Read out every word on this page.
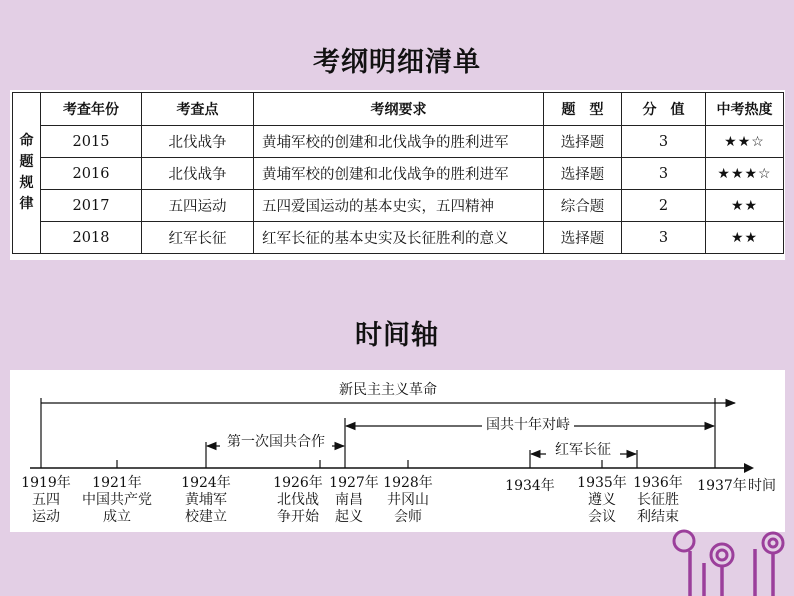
考纲明细清单
命
题
规
律	考查年份	考查点	考纲要求	题　型	分　值	中考热度
	2015	北伐战争	黄埔军校的创建和北伐战争的胜利进军	选择题	3	★★☆
	2016	北伐战争	黄埔军校的创建和北伐战争的胜利进军	选择题	3	★★★☆
	2017	五四运动	五四爱国运动的基本史实，五四精神	综合题	2	★★
	2018	红军长征	红军长征的基本史实及长征胜利的意义	选择题	3	★★
时间轴
新民主主义革命
国共十年对峙
第一次国共合作	红军长征
1919年
五四
运动
1921年
中国共产党
成立
1924年
黄埔军
校建立
1926年
北伐战
争开始
1927年
南昌
起义
1928年
井冈山
会师
1934年 1935年
遵义
会议
1936年
长征胜
利结束
1937年 时间
